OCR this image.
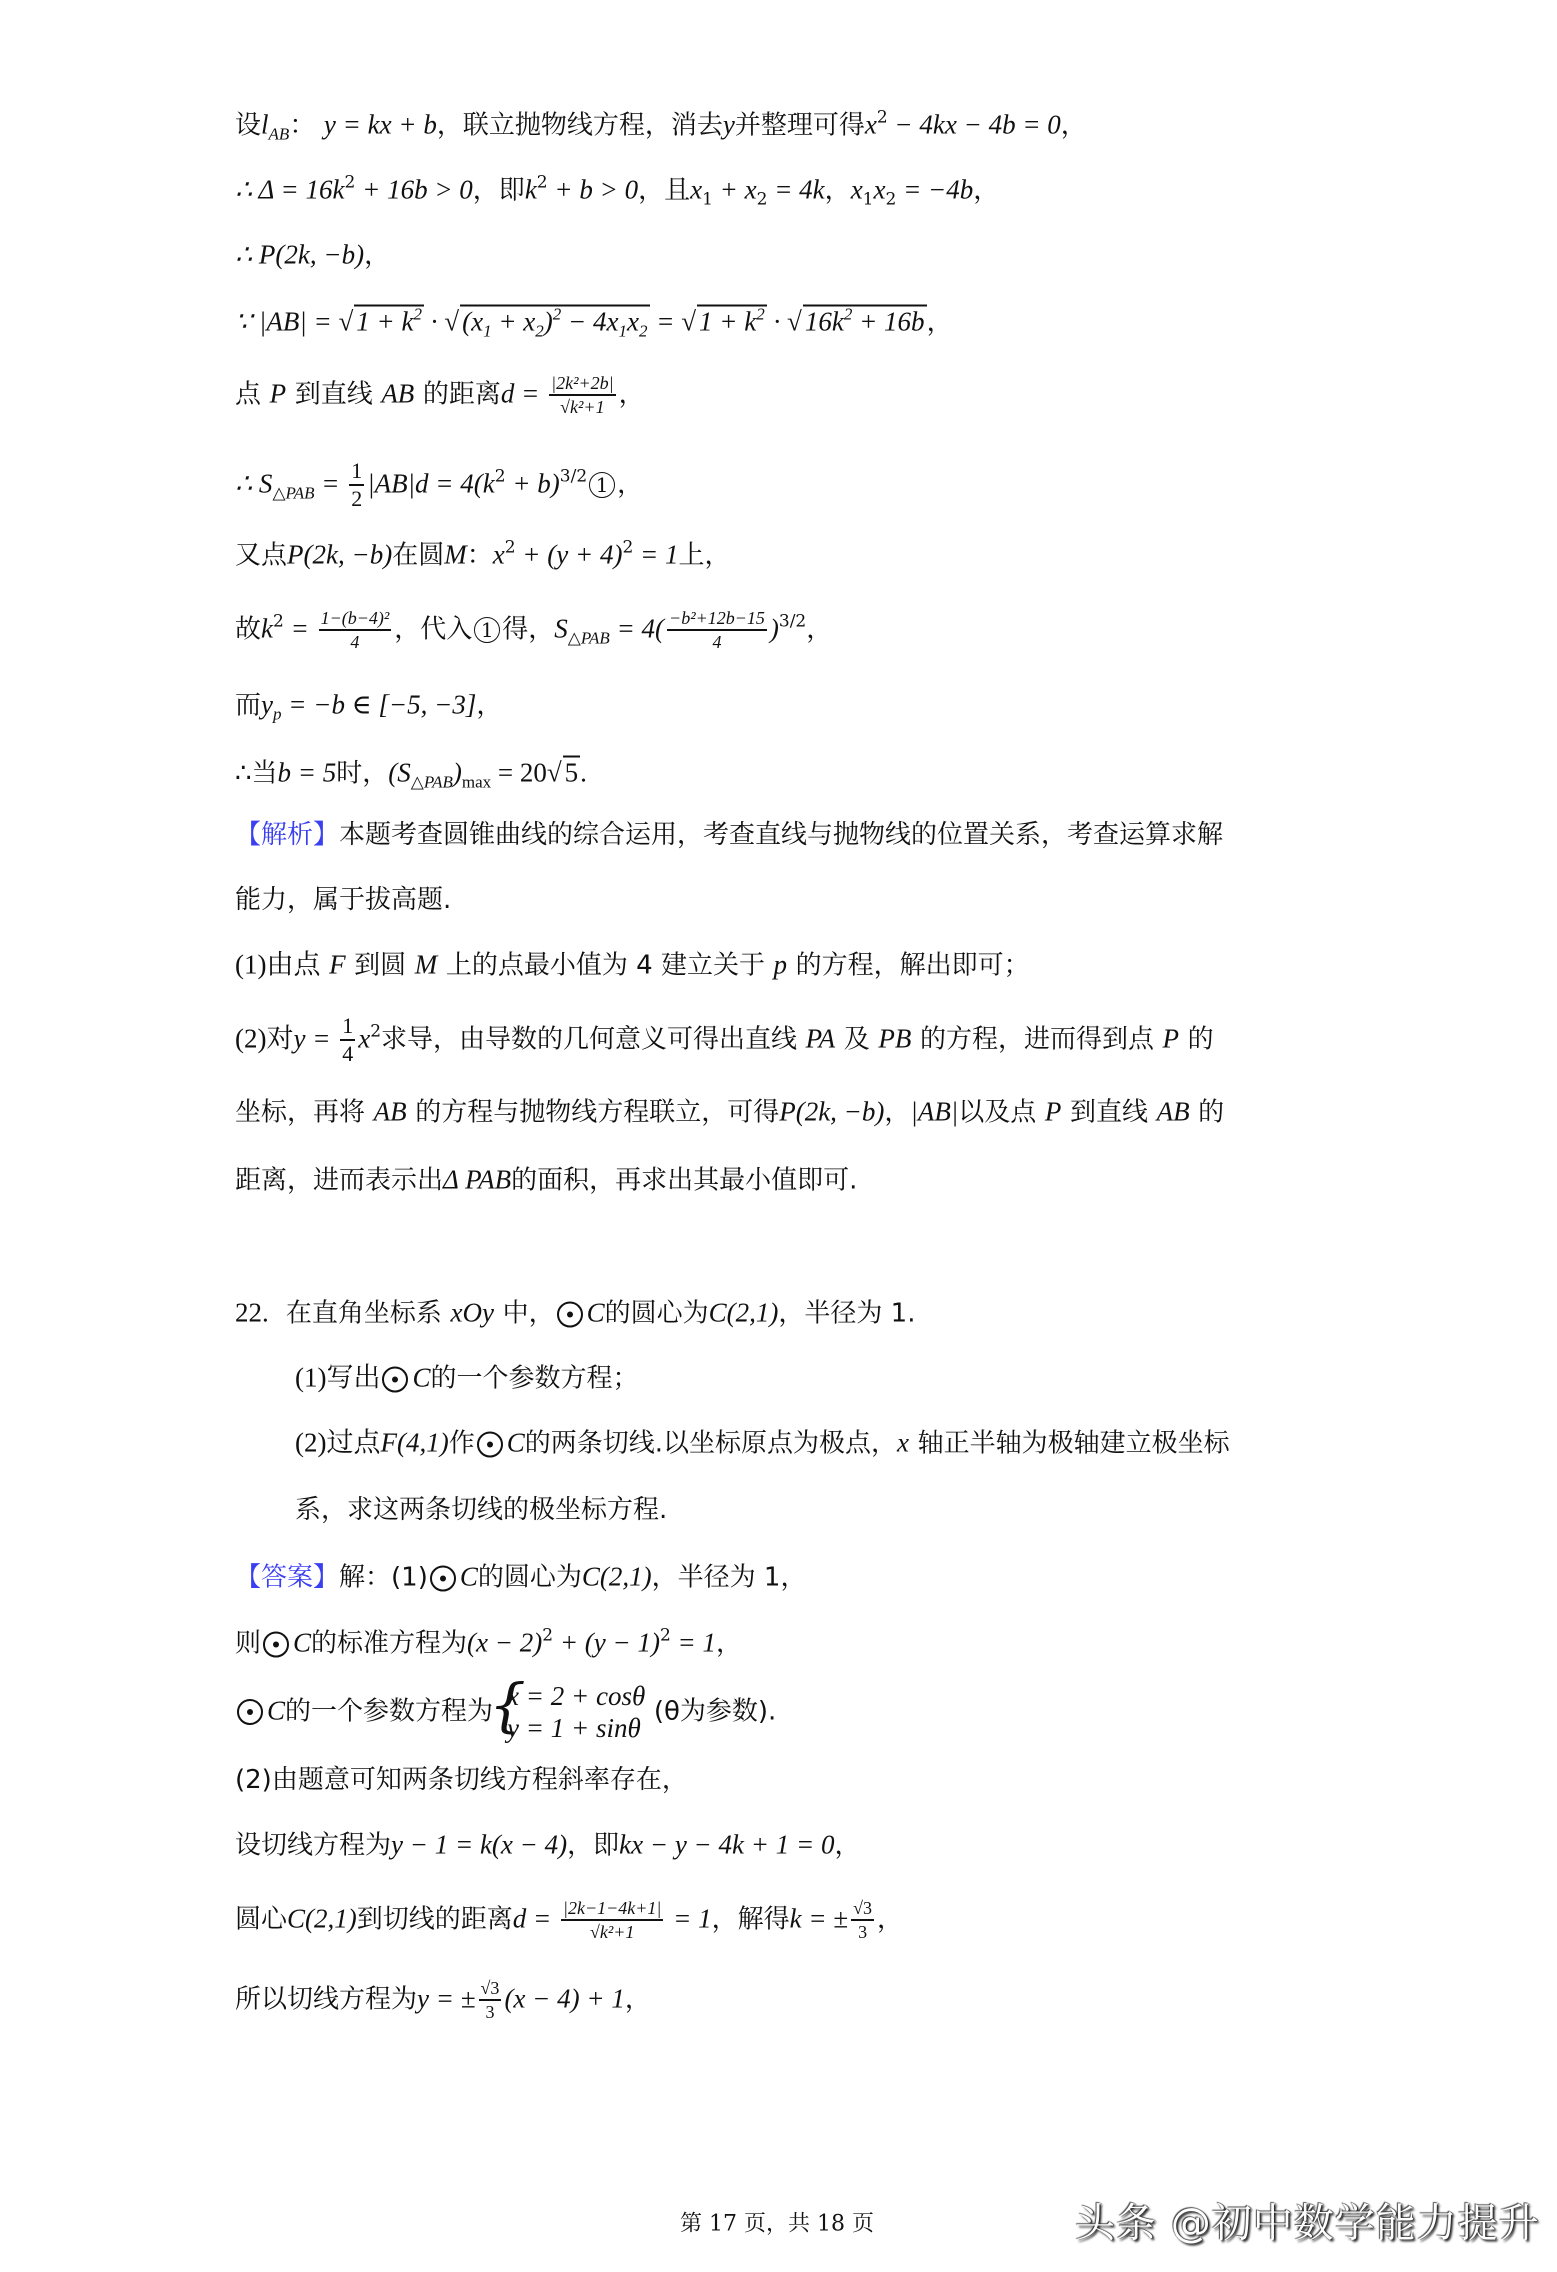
设$l_{AB}$： y = kx + b，联立抛物线方程，消去y并整理可得$x^2 - 4kx - 4b = 0$，
∴ $\Delta = 16k^2 + 16b > 0$，即$k^2 + b > 0$，且$x_1 + x_2 = 4k$，$x_1x_2 = -4b$，
∴ P(2k, −b)，
∵ |AB| = √ $1 + k^2$ · √ $(x_1 + x_2)^2 - 4x_1x_2$ = √ $1 + k^2$ · √ $16k^2 + 16b$，
点 P 到直线 AB 的距离$d = \frac{\text{|2k²+2b|}}{\text{√k²+1}}$ ，
∴ $S_{\triangle PAB} = \frac{1}{2} |AB|d = 4(k^2 + b)^{3/2}$ 1 ，
又点P(2k, −b)在圆M：$x^2 + (y + 4)^2 = 1$上，
故$k^2 = \frac{\text{1−(b−4)²}}{4}$ ，代入 1 得，$S_{\triangle PAB} = 4( \frac{\text{−b²+12b−15}}{4} )^{3/2}$，
而$y_p = -b$ ∈ [−5, −3]，
∴当b = 5时，$(S_{\triangle PAB})_{max} = 20√$ 5.
【解析】本题考查圆锥曲线的综合运用，考查直线与抛物线的位置关系，考查运算求解
能力，属于拔高题.
(1)由点 F 到圆 M 上的点最小值为 4 建立关于 p 的方程，解出即可；
(2)对$y = \frac{1}{4} x^2$求导，由导数的几何意义可得出直线 PA 及 PB 的方程，进而得到点 P 的
坐标，再将 AB 的方程与抛物线方程联立，可得P(2k, −b)，|AB|以及点 P 到直线 AB 的
距离，进而表示出Δ PAB的面积，再求出其最小值即可.
22. 在直角坐标系 xOy 中， C的圆心为C(2,1)，半径为 1.
(1)写出 C的一个参数方程；
(2)过点F(4,1)作 C的两条切线.以坐标原点为极点，x 轴正半轴为极轴建立极坐标
系，求这两条切线的极坐标方程.
【答案】解：(1) C的圆心为C(2,1)，半径为 1，
则 C的标准方程为$(x - 2)^2 + (y - 1)^2 = 1$，
C的一个参数方程为
{ x = 2 + cosθ
y = 1 + sinθ
(θ为参数).
(2)由题意可知两条切线方程斜率存在，
设切线方程为y − 1 = k(x − 4)，即kx − y − 4k + 1 = 0，
圆心C(2,1)到切线的距离$d = \frac{|2k-1-4k+1|}{\text{√k²+1}} = 1$，解得k = ± $\frac{√3}{3}$ ，
所以切线方程为y = ± $\frac{√3}{3} (x - 4) + 1$，
第 17 页，共 18 页	头条 @初中数学能力提升
